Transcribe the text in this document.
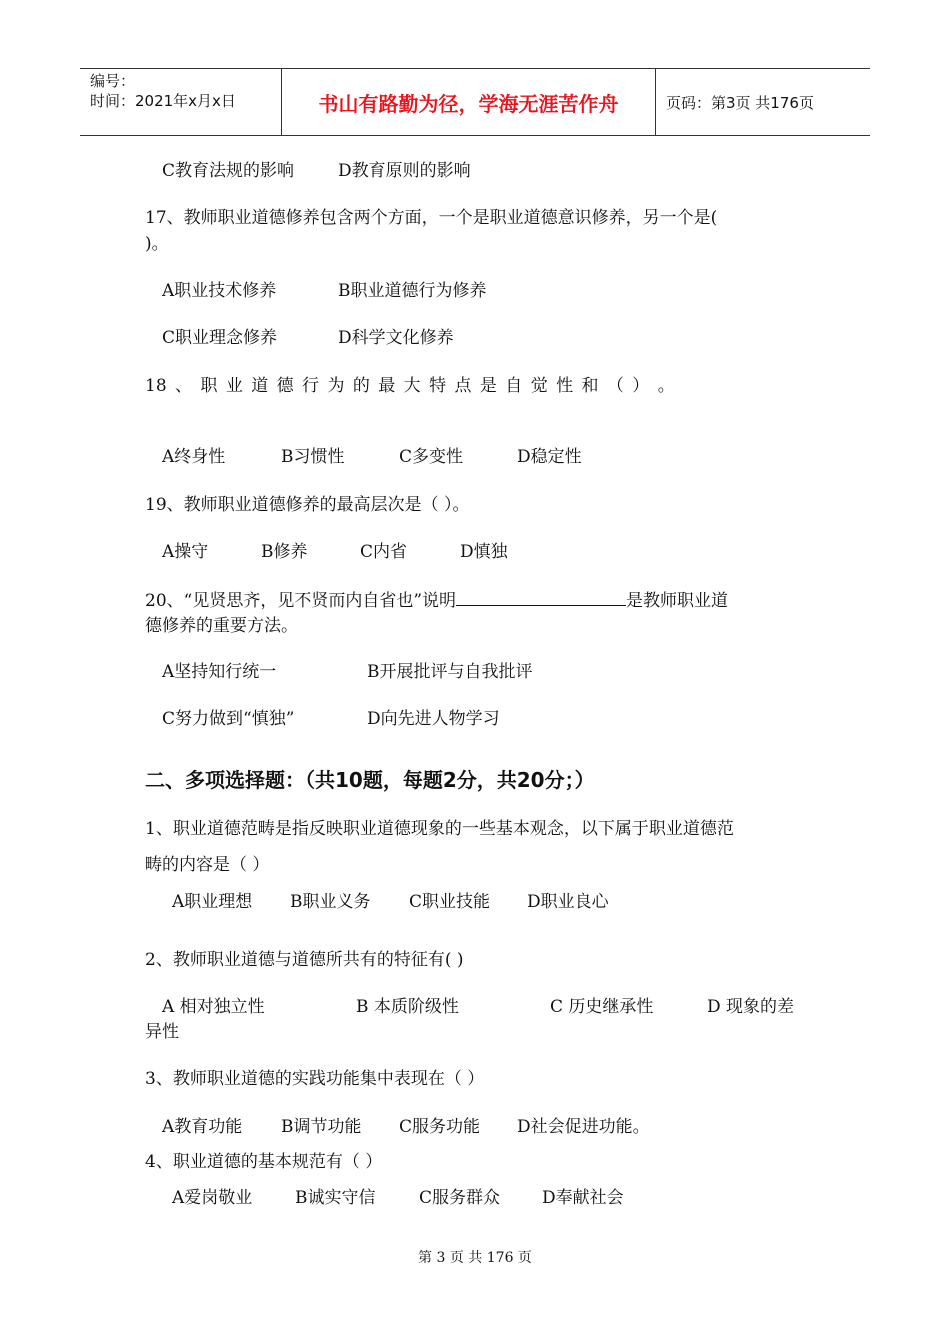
编号：
时间：2021年x月x日	书山有路勤为径，学海无涯苦作舟	页码：第3页 共176页
C教育法规的影响	D教育原则的影响
17、教师职业道德修养包含两个方面，一个是职业道德意识修养，另一个是(
)。
A职业技术修养	B职业道德行为修养
C职业理念修养	D科学文化修养
18 、 职 业 道 德 行 为 的 最 大 特 点 是 自 觉 性 和 （ ） 。
A终身性	B习惯性	C多变性	D稳定性
19、教师职业道德修养的最高层次是（ ）。
A操守	B修养	C内省	D慎独
20、“见贤思齐，见不贤而内自省也”说明	是教师职业道
德修养的重要方法。
A坚持知行统一	B开展批评与自我批评
C努力做到“慎独”	D向先进人物学习
二、多项选择题：（共10题，每题2分，共20分；）
1、职业道德范畴是指反映职业道德现象的一些基本观念，以下属于职业道德范
畴的内容是（ ）
A职业理想 B职业义务 C职业技能 D职业良心
2、教师职业道德与道德所共有的特征有( )
A 相对独立性	B 本质阶级性	C 历史继承性	D 现象的差
异性
3、教师职业道德的实践功能集中表现在（ ）
A教育功能 B调节功能 C服务功能 D社会促进功能。
4、职业道德的基本规范有（ ）
A爱岗敬业	B诚实守信	C服务群众 D奉献社会
第 3 页 共 176 页
